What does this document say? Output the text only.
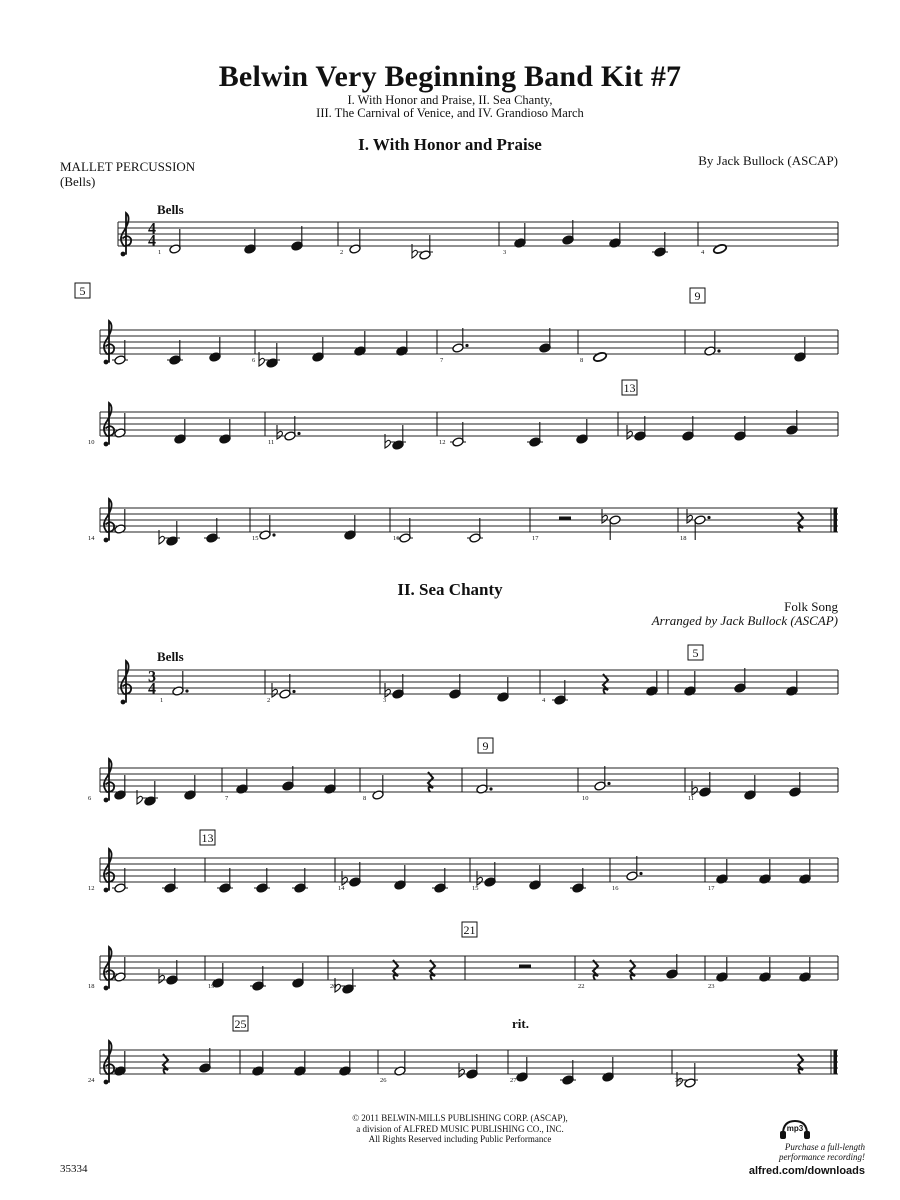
Belwin Very Beginning Band Kit #7
I. With Honor and Praise, II. Sea Chanty,
III. The Carnival of Venice, and IV. Grandioso March
MALLET PERCUSSION
(Bells)
I. With Honor and Praise
By Jack Bullock (ASCAP)
II. Sea Chanty
Folk Song
Arranged by Jack Bullock (ASCAP)
4
4
Bells
1	2	3	4
5	9
6	7	8
13
10	11	12
14	15	16	17	18
3
4
Bells	5
1	2	3	4
9
6	7	8	10	11
13
12	14	15	16	17
21
18	19	20	22	23
25	rit.
24	26	27	28
35334
© 2011 BELWIN-MILLS PUBLISHING CORP. (ASCAP),
a division of ALFRED MUSIC PUBLISHING CO., INC.
All Rights Reserved including Public Performance
mp3
Purchase a full-length
performance recording!
alfred.com/downloads
